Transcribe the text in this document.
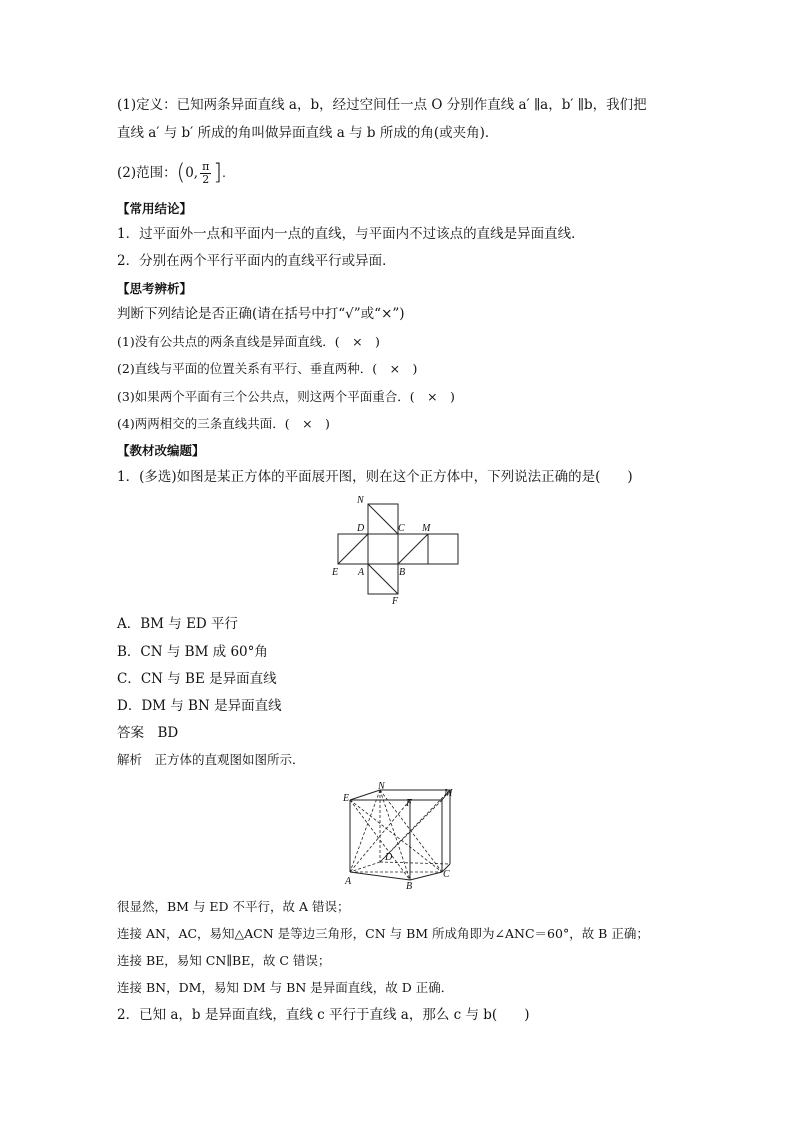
(1)定义：已知两条异面直线 a，b，经过空间任一点 O 分别作直线 a′ ∥a，b′ ∥b，我们把
直线 a′ 与 b′ 所成的角叫做异面直线 a 与 b 所成的角(或夹角)．
(2)范围：(0, $\frac{\pi}{2}$ ].
【常用结论】
1．过平面外一点和平面内一点的直线，与平面内不过该点的直线是异面直线．
2．分别在两个平行平面内的直线平行或异面．
【思考辨析】
判断下列结论是否正确(请在括号中打“√”或“×”)
(1)没有公共点的两条直线是异面直线．(　×　)
(2)直线与平面的位置关系有平行、垂直两种．(　×　)
(3)如果两个平面有三个公共点，则这两个平面重合．(　×　)
(4)两两相交的三条直线共面．(　×　)
【教材改编题】
1．(多选)如图是某正方体的平面展开图，则在这个正方体中，下列说法正确的是(　　)
N
D	C M
E A	B
F
A．BM 与 ED 平行
B．CN 与 BM 成 60°角
C．CN 与 BE 是异面直线
D．DM 与 BN 是异面直线
答案　BD
解析　正方体的直观图如图所示．
N
E	F
M
D
A	B
C
很显然，BM 与 ED 不平行，故 A 错误；
连接 AN，AC，易知△ACN 是等边三角形，CN 与 BM 所成角即为∠ANC＝60°，故 B 正确；
连接 BE，易知 CN∥BE，故 C 错误；
连接 BN，DM，易知 DM 与 BN 是异面直线，故 D 正确．
2．已知 a，b 是异面直线，直线 c 平行于直线 a，那么 c 与 b(　　)
